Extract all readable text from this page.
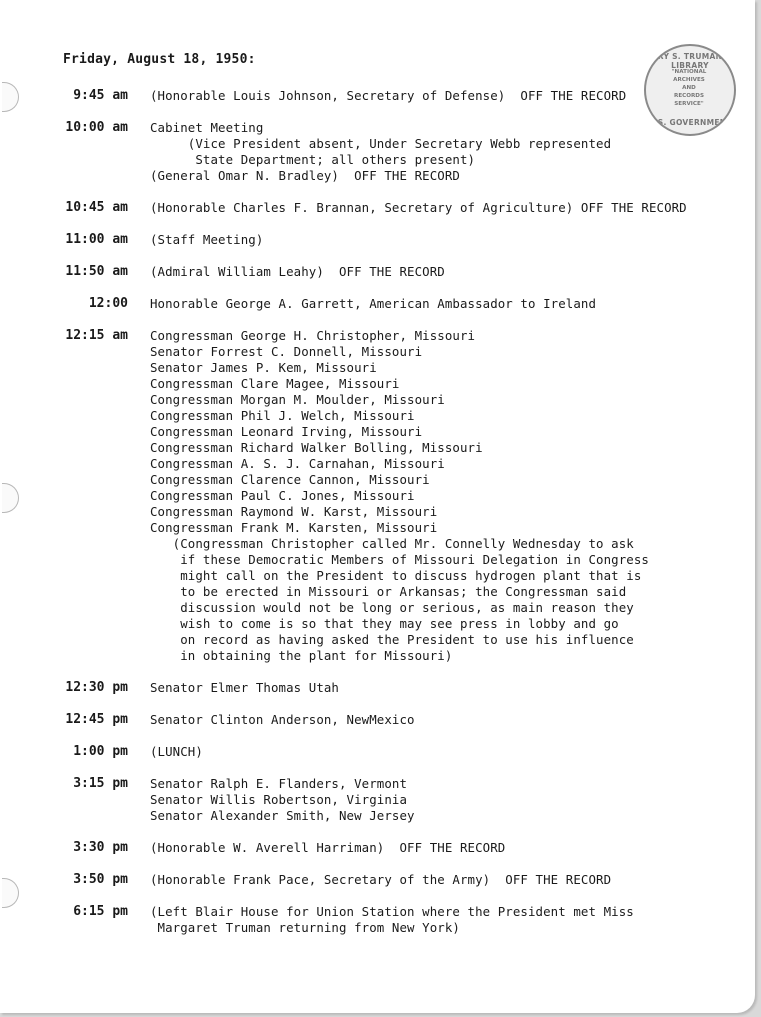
Friday, August 18, 1950:	RY S. TRUMAN LIBRARY
"NATIONAL
ARCHIVES AND
RECORDS
SERVICE"
U.S. GOVERNMENT
9:45 am (Honorable Louis Johnson, Secretary of Defense)  OFF THE RECORD
10:00 am Cabinet Meeting
(Vice President absent, Under Secretary Webb represented
State Department; all others present)
(General Omar N. Bradley)  OFF THE RECORD
10:45 am (Honorable Charles F. Brannan, Secretary of Agriculture) OFF THE RECORD
11:00 am (Staff Meeting)
11:50 am (Admiral William Leahy)  OFF THE RECORD
12:00 Honorable George A. Garrett, American Ambassador to Ireland
12:15 am Congressman George H. Christopher, Missouri
Senator Forrest C. Donnell, Missouri
Senator James P. Kem, Missouri
Congressman Clare Magee, Missouri
Congressman Morgan M. Moulder, Missouri
Congressman Phil J. Welch, Missouri
Congressman Leonard Irving, Missouri
Congressman Richard Walker Bolling, Missouri
Congressman A. S. J. Carnahan, Missouri
Congressman Clarence Cannon, Missouri
Congressman Paul C. Jones, Missouri
Congressman Raymond W. Karst, Missouri
Congressman Frank M. Karsten, Missouri
(Congressman Christopher called Mr. Connelly Wednesday to ask
if these Democratic Members of Missouri Delegation in Congress
might call on the President to discuss hydrogen plant that is
to be erected in Missouri or Arkansas; the Congressman said
discussion would not be long or serious, as main reason they
wish to come is so that they may see press in lobby and go
on record as having asked the President to use his influence
in obtaining the plant for Missouri)
12:30 pm Senator Elmer Thomas Utah
12:45 pm Senator Clinton Anderson, NewMexico
1:00 pm (LUNCH)
3:15 pm Senator Ralph E. Flanders, Vermont
Senator Willis Robertson, Virginia
Senator Alexander Smith, New Jersey
3:30 pm (Honorable W. Averell Harriman)  OFF THE RECORD
3:50 pm (Honorable Frank Pace, Secretary of the Army)  OFF THE RECORD
6:15 pm (Left Blair House for Union Station where the President met Miss
Margaret Truman returning from New York)
